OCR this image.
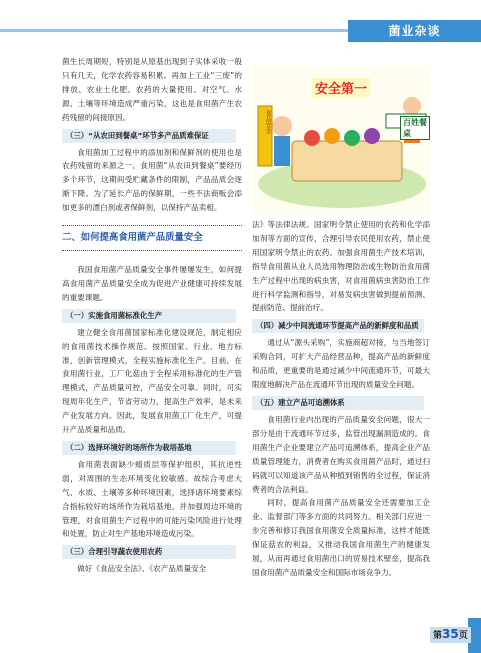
菌业杂谈

菌生长周期短，特别是从原基出现到子实体采收一般只有几天，化学农药容易积累。再加上工业“三废”的排放、农业土化肥、农药的大量使用、对空气、水源、土壤等环境造成严重污染，这也是食用菌产生农药残留的间接原因。

（三）“从农田到餐桌”环节多产品质难保证

食用菌加工过程中的添加剂和保鲜剂的使用也是农药残留的来源之一。食用菌“从农田到餐桌”要经历多个环节，这期间受贮藏条件的限制，产品品质会逐渐下降。为了延长产品的保鲜期，一些不法商贩会添加更多的漂白剂或者保鲜剂，以保持产品卖相。

二、如何提高食用菌产品质量安全

我国食用菌产品质量安全事件屡屡发生，如何提高食用菌产品质量安全成为促进产业健康可持续发展的重要课题。

（一）实施食用菌标准化生产

建立健全食用菌国家标准化建设规范，制定相应的食用菌技术操作规范。按照国家、行业、地方标准，创新管理模式，全程实施标准化生产。目前，在食用菌行业，工厂化菇由于全程采用标准化的生产管理模式，产品质量可控，产品安全可靠。同时，可实现周年化生产，节省劳动力，提高生产效率，是未来产业发展方向。因此，发展食用菌工厂化生产，可提升产品质量和品质。

（二）选择环境好的场所作为栽培基地

食用菌表面缺少蜡质层等保护组织，其抗逆性弱，对周围的生态环境变化较敏感。故综合考虑大气、水质、土壤等多种环境因素，选择诸环境要素综合指标较好的场所作为栽培基地。并加强周边环境的管理，对食用菌生产过程中的可能污染风险进行处理和处置，防止对生产基地环境造成污染。

（三）合理引导蔬农使用农药

做好《食品安全法》、《农产品质量安全

安全第一
百姓餐桌
食品安全

法》等法律法规、国家明令禁止使用的农药和化学添加剂等方面的宣传，合理引导农民使用农药，禁止使用国家明令禁止的农药。加强食用菌生产技术培训，指导食用菌从业人员选用物理防治或生物防治食用菌生产过程中出现的病虫害，对食用菌病虫害防治工作进行科学监测和指导，对易发病虫害做到提前预测、提前防范、提前治疗。

（四）减少中间流通环节提高产品的新鲜度和品质

通过从“源头采购”，实施商超对接，与当地签订采购合同，可扩大产品经营品种，提高产品的新鲜度和品质，更重要的是通过减少中间流通环节，可最大限度地解决产品在流通环节出现的质量安全问题。

（五）建立产品可追溯体系

食用菌行业内出现的产品质量安全问题，很大一部分是由于流通环节过多，监管出现漏洞造成的。食用菌生产企业要建立产品可追溯体系，提高企业产品质量管理能力，消费者在购买食用菌产品时，通过扫码就可以知道该产品从种植到销售的全过程，保证消费者的合法利益。

同时，提高食用菌产品质量安全还需要加工企业、监督部门等多方面的共同努力。相关部门应进一步完善和修订我国食用菌安全质量标准，这样才能既保证菇农的利益，又推动我国食用菌生产的健康发展，从而再通过食用菌出口的贸易技术壁垒，提高我国食用菌产品质量安全和国际市场竞争力。

第35页
